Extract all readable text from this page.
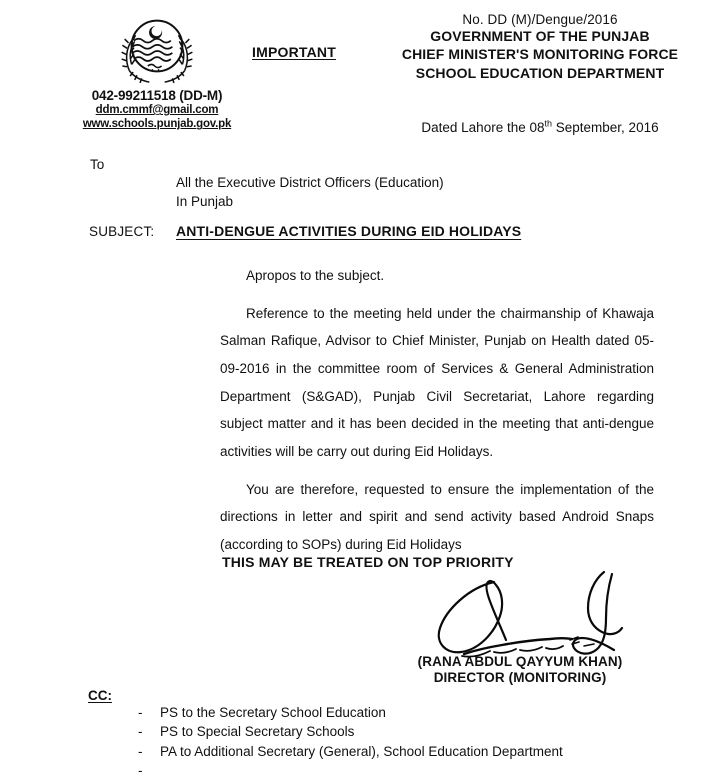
042-99211518 (DD-M)
ddm.cmmf@gmail.com
www.schools.punjab.gov.pk
IMPORTANT
No. DD (M)/Dengue/2016
GOVERNMENT OF THE PUNJAB
CHIEF MINISTER'S MONITORING FORCE
SCHOOL EDUCATION DEPARTMENT
Dated Lahore the 08th September, 2016
To
All the Executive District Officers (Education)
In Punjab
SUBJECT: ANTI-DENGUE ACTIVITIES DURING EID HOLIDAYS

Apropos to the subject.

Reference to the meeting held under the chairmanship of Khawaja Salman Rafique, Advisor to Chief Minister, Punjab on Health dated 05-09-2016 in the committee room of Services & General Administration Department (S&GAD), Punjab Civil Secretariat, Lahore regarding subject matter and it has been decided in the meeting that anti-dengue activities will be carry out during Eid Holidays.

You are therefore, requested to ensure the implementation of the directions in letter and spirit and send activity based Android Snaps (according to SOPs) during Eid Holidays

THIS MAY BE TREATED ON TOP PRIORITY
(RANA ABDUL QAYYUM KHAN)
DIRECTOR (MONITORING)
CC:
-	PS to the Secretary School Education
-	PS to Special Secretary Schools
-	PA to Additional Secretary (General), School Education Department
-
